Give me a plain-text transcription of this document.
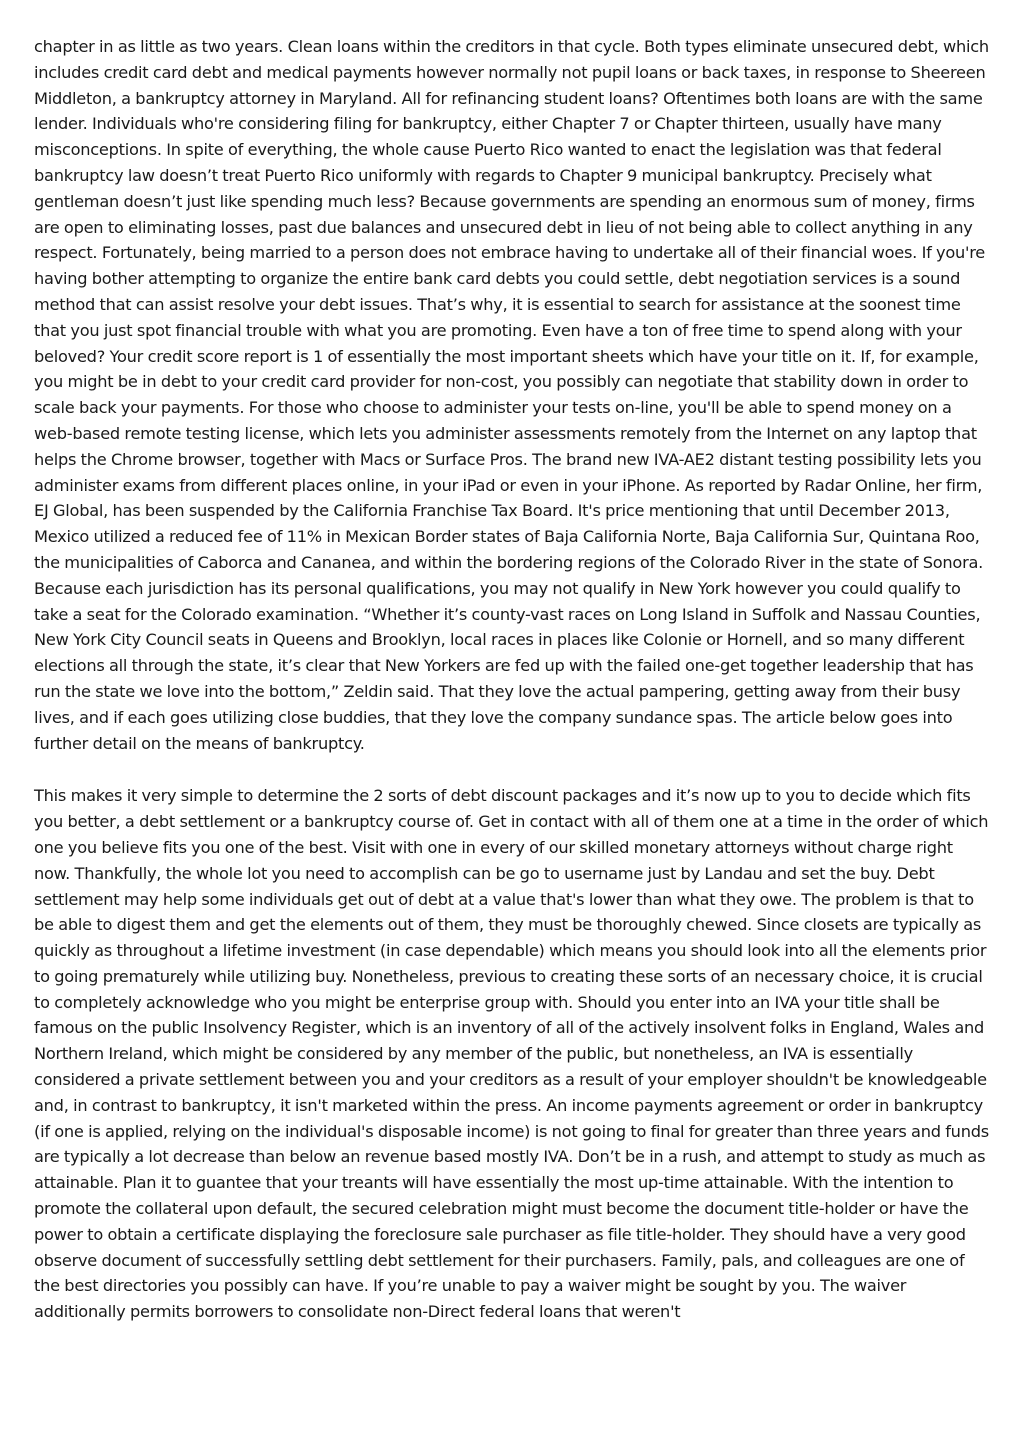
chapter in as little as two years. Clean loans within the creditors in that cycle. Both types eliminate unsecured debt, which includes credit card debt and medical payments however normally not pupil loans or back taxes, in response to Sheereen Middleton, a bankruptcy attorney in Maryland. All for refinancing student loans? Oftentimes both loans are with the same lender. Individuals who're considering filing for bankruptcy, either Chapter 7 or Chapter thirteen, usually have many misconceptions. In spite of everything, the whole cause Puerto Rico wanted to enact the legislation was that federal bankruptcy law doesn’t treat Puerto Rico uniformly with regards to Chapter 9 municipal bankruptcy. Precisely what gentleman doesn’t just like spending much less? Because governments are spending an enormous sum of money, firms are open to eliminating losses, past due balances and unsecured debt in lieu of not being able to collect anything in any respect. Fortunately, being married to a person does not embrace having to undertake all of their financial woes. If you're having bother attempting to organize the entire bank card debts you could settle, debt negotiation services is a sound method that can assist resolve your debt issues. That’s why, it is essential to search for assistance at the soonest time that you just spot financial trouble with what you are promoting. Even have a ton of free time to spend along with your beloved? Your credit score report is 1 of essentially the most important sheets which have your title on it. If, for example, you might be in debt to your credit card provider for non-cost, you possibly can negotiate that stability down in order to scale back your payments. For those who choose to administer your tests on-line, you'll be able to spend money on a web-based remote testing license, which lets you administer assessments remotely from the Internet on any laptop that helps the Chrome browser, together with Macs or Surface Pros. The brand new IVA-AE2 distant testing possibility lets you administer exams from different places online, in your iPad or even in your iPhone. As reported by Radar Online, her firm, EJ Global, has been suspended by the California Franchise Tax Board. It's price mentioning that until December 2013, Mexico utilized a reduced fee of 11% in Mexican Border states of Baja California Norte, Baja California Sur, Quintana Roo, the municipalities of Caborca and Cananea, and within the bordering regions of the Colorado River in the state of Sonora. Because each jurisdiction has its personal qualifications, you may not qualify in New York however you could qualify to take a seat for the Colorado examination. “Whether it’s county-vast races on Long Island in Suffolk and Nassau Counties, New York City Council seats in Queens and Brooklyn, local races in places like Colonie or Hornell, and so many different elections all through the state, it’s clear that New Yorkers are fed up with the failed one-get together leadership that has run the state we love into the bottom,” Zeldin said. That they love the actual pampering, getting away from their busy lives, and if each goes utilizing close buddies, that they love the company sundance spas. The article below goes into further detail on the means of bankruptcy.

This makes it very simple to determine the 2 sorts of debt discount packages and it’s now up to you to decide which fits you better, a debt settlement or a bankruptcy course of. Get in contact with all of them one at a time in the order of which one you believe fits you one of the best. Visit with one in every of our skilled monetary attorneys without charge right now. Thankfully, the whole lot you need to accomplish can be go to username just by Landau and set the buy. Debt settlement may help some individuals get out of debt at a value that's lower than what they owe. The problem is that to be able to digest them and get the elements out of them, they must be thoroughly chewed. Since closets are typically as quickly as throughout a lifetime investment (in case dependable) which means you should look into all the elements prior to going prematurely while utilizing buy. Nonetheless, previous to creating these sorts of an necessary choice, it is crucial to completely acknowledge who you might be enterprise group with. Should you enter into an IVA your title shall be famous on the public Insolvency Register, which is an inventory of all of the actively insolvent folks in England, Wales and Northern Ireland, which might be considered by any member of the public, but nonetheless, an IVA is essentially considered a private settlement between you and your creditors as a result of your employer shouldn't be knowledgeable and, in contrast to bankruptcy, it isn't marketed within the press. An income payments agreement or order in bankruptcy (if one is applied, relying on the individual's disposable income) is not going to final for greater than three years and funds are typically a lot decrease than below an revenue based mostly IVA. Don’t be in a rush, and attempt to study as much as attainable. Plan it to guantee that your treants will have essentially the most up-time attainable. With the intention to promote the collateral upon default, the secured celebration might must become the document title-holder or have the power to obtain a certificate displaying the foreclosure sale purchaser as file title-holder. They should have a very good observe document of successfully settling debt settlement for their purchasers. Family, pals, and colleagues are one of the best directories you possibly can have. If you’re unable to pay a waiver might be sought by you. The waiver additionally permits borrowers to consolidate non-Direct federal loans that weren't
